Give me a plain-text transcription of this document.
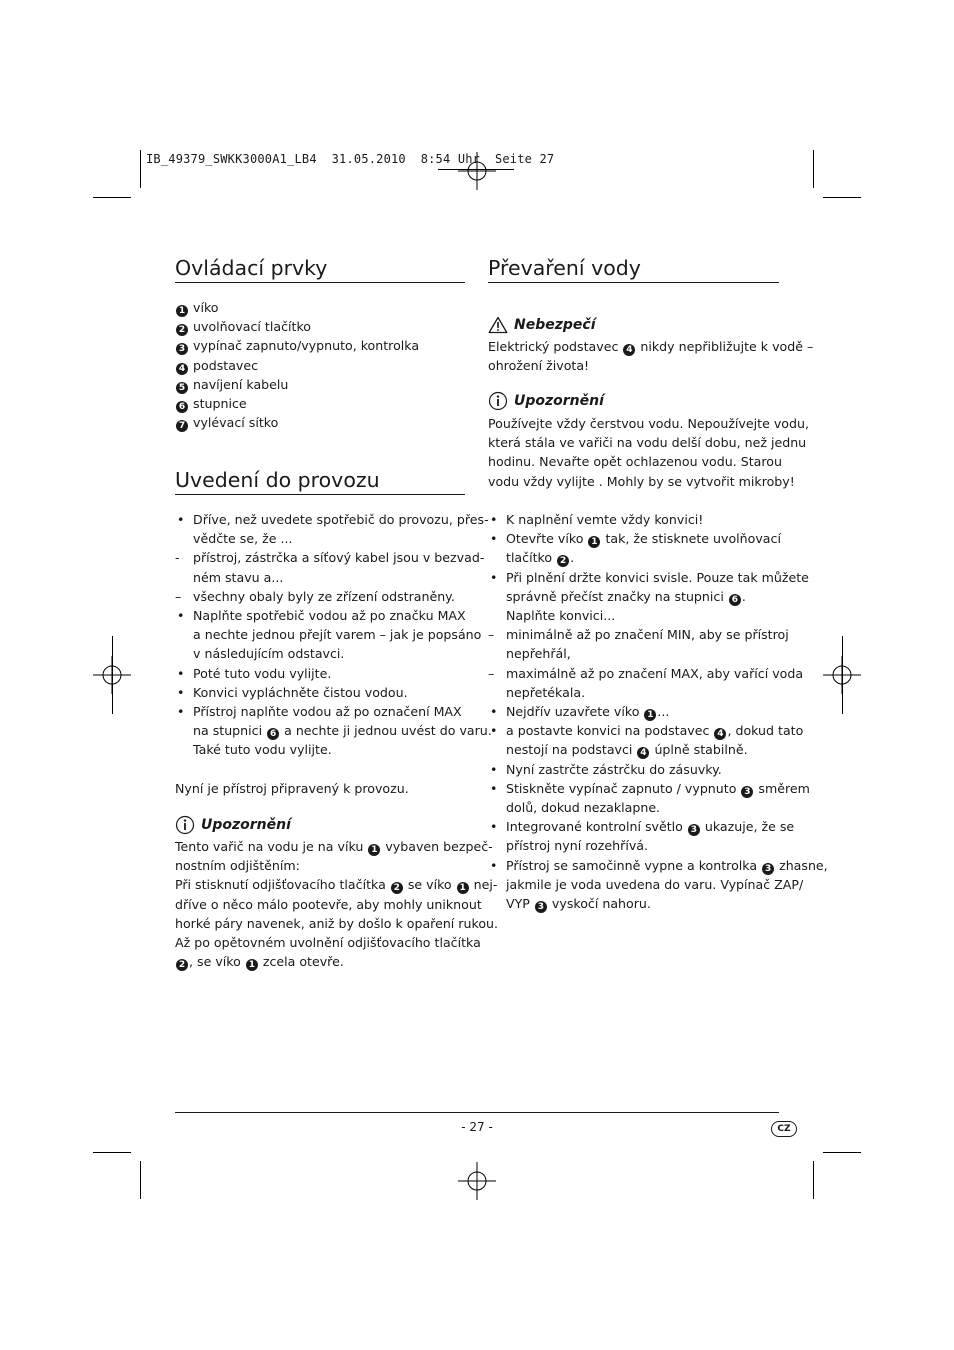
IB_49379_SWKK3000A1_LB4  31.05.2010  8:54 Uhr  Seite 27
Ovládací prvky
1 víko
2 uvolňovací tlačítko
3 vypínač zapnuto/vypnuto, kontrolka
4 podstavec
5 navíjení kabelu
6 stupnice
7 vylévací sítko
Uvedení do provozu
• Dříve, než uvedete spotřebič do provozu, přes-
vědčte se, že ...
- přístroj, zástrčka a síťový kabel jsou v bezvad-
ném stavu a...
– všechny obaly byly ze zřízení odstraněny.
• Naplňte spotřebič vodou až po značku MAX
a nechte jednou přejít varem – jak je popsáno
v následujícím odstavci.
• Poté tuto vodu vylijte.
• Konvici vypláchněte čistou vodou.
• Přístroj naplňte vodou až po označení MAX
na stupnici 6 a nechte ji jednou uvést do varu.
Také tuto vodu vylijte.
Nyní je přístroj připravený k provozu.
Upozornění
Tento vařič na vodu je na víku 1 vybaven bezpeč-
nostním odjištěním:
Při stisknutí odjišťovacího tlačítka 2 se víko 1 nej-
dříve o něco málo pootevře, aby mohly uniknout
horké páry navenek, aniž by došlo k opaření rukou.
Až po opětovném uvolnění odjišťovacího tlačítka
2 , se víko 1 zcela otevře.
Převaření vody
Nebezpečí
Elektrický podstavec 4 nikdy nepřibližujte k vodě –
ohrožení života!
Upozornění
Používejte vždy čerstvou vodu. Nepoužívejte vodu,
která stála ve vařiči na vodu delší dobu, než jednu
hodinu. Nevařte opět ochlazenou vodu. Starou
vodu vždy vylijte . Mohly by se vytvořit mikroby!
• K naplnění vemte vždy konvici!
• Otevřte víko 1 tak, že stisknete uvolňovací
tlačítko 2 .
• Při plnění držte konvici svisle. Pouze tak můžete
správně přečíst značky na stupnici 6 .
Naplňte konvici...
– minimálně až po značení MIN, aby se přístroj
nepřehřál,
– maximálně až po značení MAX, aby vařící voda
nepřetékala.
• Nejdřív uzavřete víko 1 ...
• a postavte konvici na podstavec 4 , dokud tato
nestojí na podstavci 4 úplně stabilně.
• Nyní zastrčte zástrčku do zásuvky.
• Stiskněte vypínač zapnuto / vypnuto 3 směrem
dolů, dokud nezaklapne.
• Integrované kontrolní světlo 3 ukazuje, že se
přístroj nyní rozehřívá.
• Přístroj se samočinně vypne a kontrolka 3 zhasne,
jakmile je voda uvedena do varu. Vypínač ZAP/
VYP 3 vyskočí nahoru.
- 27 -	CZ
